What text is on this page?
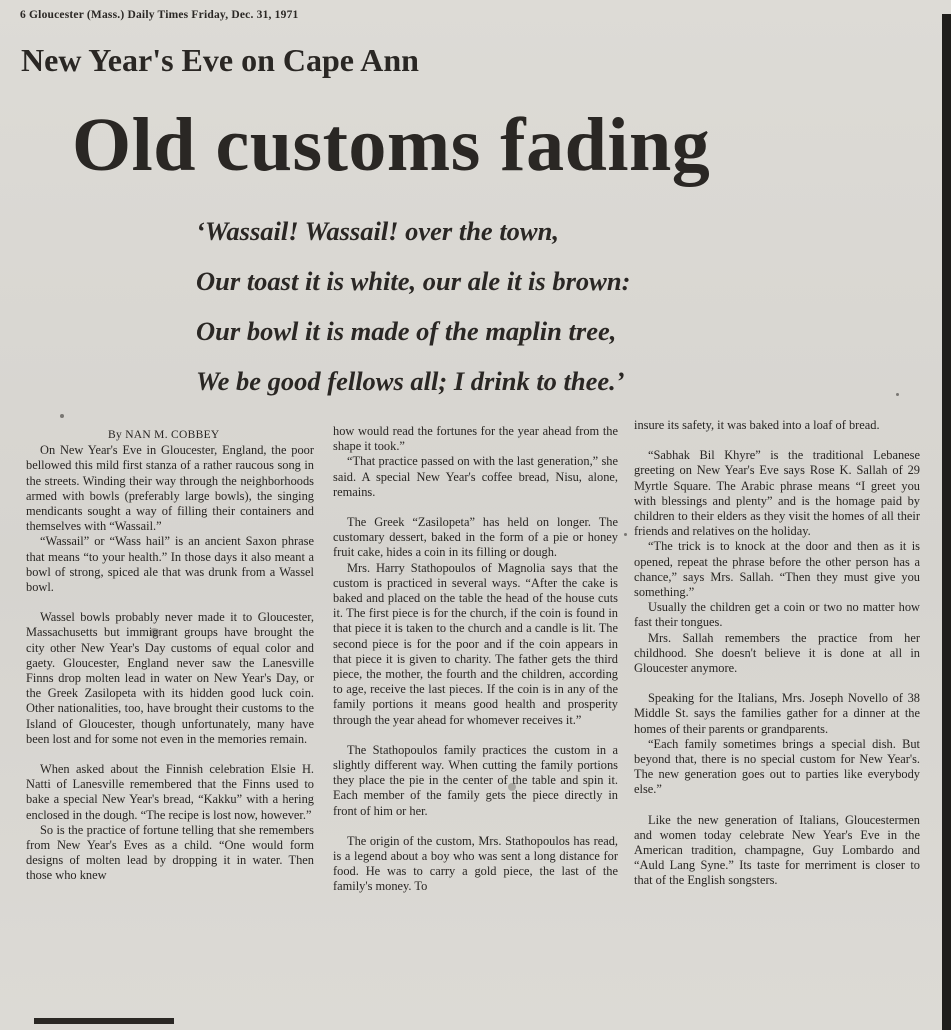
6 Gloucester (Mass.) Daily Times Friday, Dec. 31, 1971
New Year's Eve on Cape Ann
Old customs fading
‘Wassail! Wassail! over the town,
Our toast it is white, our ale it is brown:
Our bowl it is made of the maplin tree,
We be good fellows all; I drink to thee.’
By NAN M. COBBEY

On New Year's Eve in Gloucester, England, the poor bellowed this mild first stanza of a rather raucous song in the streets. Winding their way through the neighborhoods armed with bowls (preferably large bowls), the singing mendicants sought a way of filling their containers and themselves with “Wassail.”

“Wassail” or “Wass hail” is an ancient Saxon phrase that means “to your health.” In those days it also meant a bowl of strong, spiced ale that was drunk from a Wassel bowl.

Wassel bowls probably never made it to Gloucester, Massachusetts but immigrant groups have brought the city other New Year's Day customs of equal color and gaety. Gloucester, England never saw the Lanesville Finns drop molten lead in water on New Year's Day, or the Greek Zasilopeta with its hidden good luck coin. Other nationalities, too, have brought their customs to the Island of Gloucester, though unfortunately, many have been lost and for some not even in the memories remain.

When asked about the Finnish celebration Elsie H. Natti of Lanesville remembered that the Finns used to bake a special New Year's bread, “Kakku” with a hering enclosed in the dough. “The recipe is lost now, however.”

So is the practice of fortune telling that she remembers from New Year's Eves as a child. “One would form designs of molten lead by dropping it in water. Then those who knew

how would read the fortunes for the year ahead from the shape it took.”

“That practice passed on with the last generation,” she said. A special New Year's coffee bread, Nisu, alone, remains.

The Greek “Zasilopeta” has held on longer. The customary dessert, baked in the form of a pie or honey fruit cake, hides a coin in its filling or dough.

Mrs. Harry Stathopoulos of Magnolia says that the custom is practiced in several ways. “After the cake is baked and placed on the table the head of the house cuts it. The first piece is for the church, if the coin is found in that piece it is taken to the church and a candle is lit. The second piece is for the poor and if the coin appears in that piece it is given to charity. The father gets the third piece, the mother, the fourth and the children, according to age, receive the last pieces. If the coin is in any of the family portions it means good health and prosperity through the year ahead for whomever receives it.”

The Stathopoulos family practices the custom in a slightly different way. When cutting the family portions they place the pie in the center of the table and spin it. Each member of the family gets the piece directly in front of him or her.

The origin of the custom, Mrs. Stathopoulos has read, is a legend about a boy who was sent a long distance for food. He was to carry a gold piece, the last of the family's money. To

insure its safety, it was baked into a loaf of bread.

“Sabhak Bil Khyre” is the traditional Lebanese greeting on New Year's Eve says Rose K. Sallah of 29 Myrtle Square. The Arabic phrase means “I greet you with blessings and plenty” and is the homage paid by children to their elders as they visit the homes of all their friends and relatives on the holiday.

“The trick is to knock at the door and then as it is opened, repeat the phrase before the other person has a chance,” says Mrs. Sallah. “Then they must give you something.”

Usually the children get a coin or two no matter how fast their tongues.

Mrs. Sallah remembers the practice from her childhood. She doesn't believe it is done at all in Gloucester anymore.

Speaking for the Italians, Mrs. Joseph Novello of 38 Middle St. says the families gather for a dinner at the homes of their parents or grandparents.

“Each family sometimes brings a special dish. But beyond that, there is no special custom for New Year's. The new generation goes out to parties like everybody else.”

Like the new generation of Italians, Gloucestermen and women today celebrate New Year's Eve in the American tradition, champagne, Guy Lombardo and “Auld Lang Syne.” Its taste for merriment is closer to that of the English songsters.
